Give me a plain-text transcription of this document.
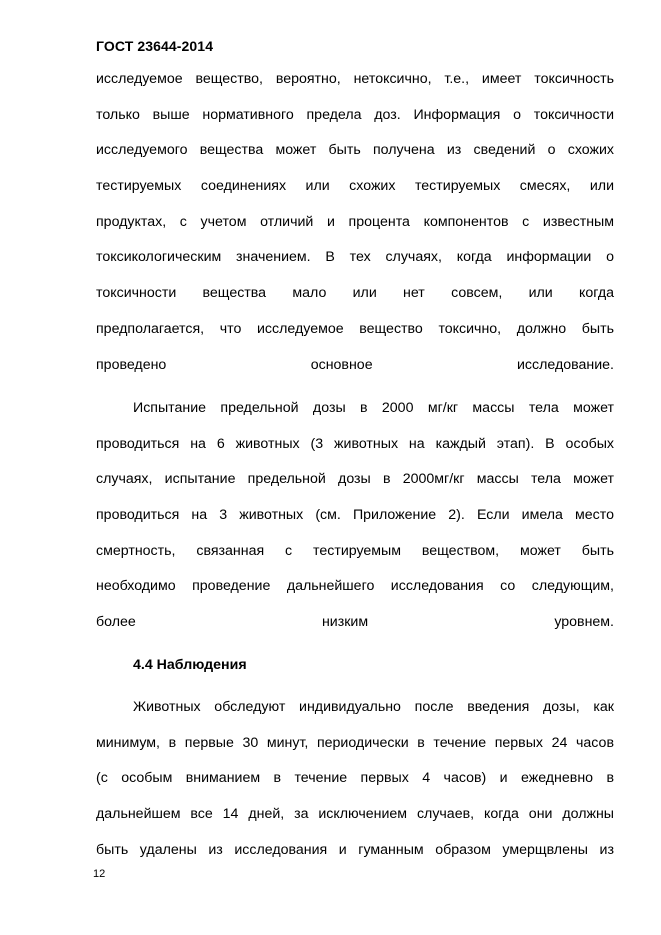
ГОСТ 23644-2014
исследуемое вещество, вероятно, нетоксично, т.е., имеет токсичность
только выше нормативного предела доз. Информация о токсичности
исследуемого вещества может быть получена из сведений о схожих
тестируемых соединениях или схожих тестируемых смесях, или
продуктах, с учетом отличий и процента компонентов с известным
токсикологическим значением. В тех случаях, когда информации о
токсичности вещества мало или нет совсем, или когда
предполагается, что исследуемое вещество токсично, должно быть
проведено основное исследование.
Испытание предельной дозы в 2000 мг/кг массы тела может
проводиться на 6 животных (3 животных на каждый этап). В особых
случаях, испытание предельной дозы в 2000мг/кг массы тела может
проводиться на 3 животных (см. Приложение 2). Если имела место
смертность, связанная с тестируемым веществом, может быть
необходимо проведение дальнейшего исследования со следующим,
более низким уровнем.
4.4 Наблюдения
Животных обследуют индивидуально после введения дозы, как
минимум, в первые 30 минут, периодически в течение первых 24 часов
(с особым вниманием в течение первых 4 часов) и ежедневно в
дальнейшем все 14 дней, за исключением случаев, когда они должны
быть удалены из исследования и гуманным образом умерщвлены из
12
